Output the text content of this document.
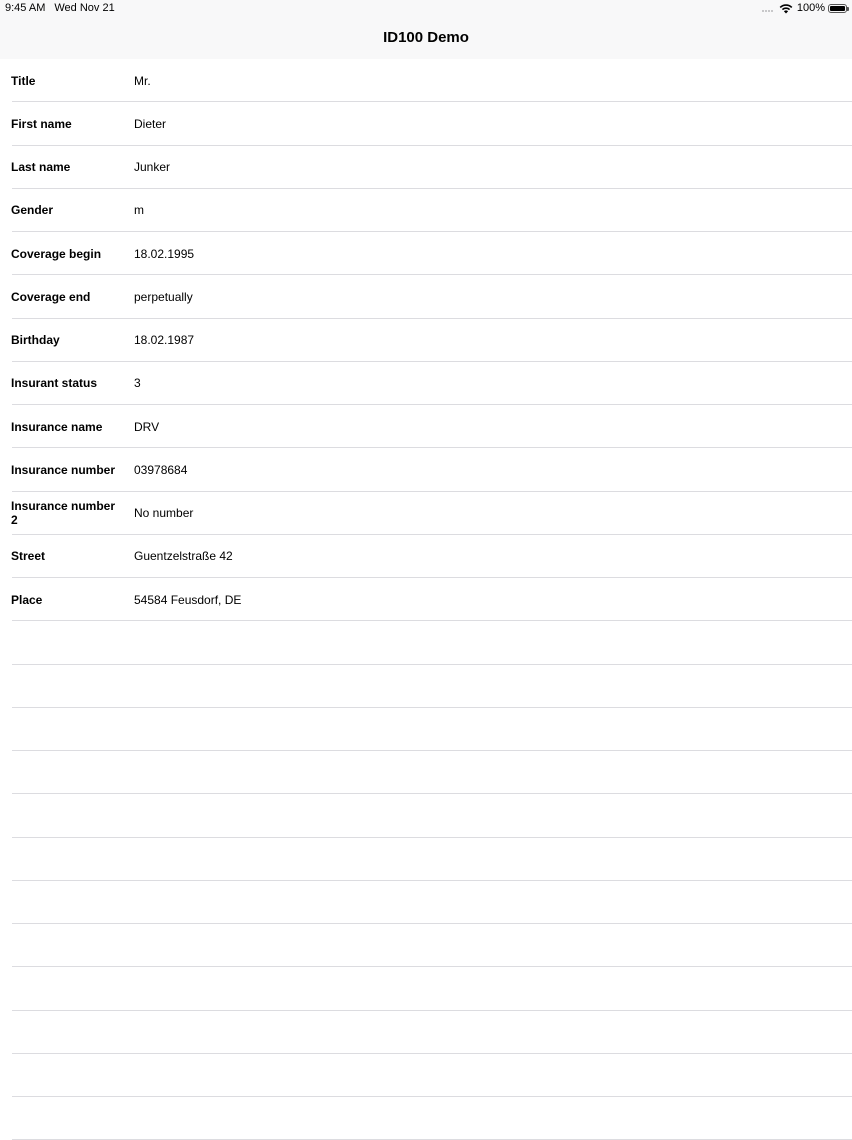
9:45 AM Wed Nov 21	100%
ID100 Demo
Title	Mr.
First name	Dieter
Last name	Junker
Gender	m
Coverage begin	18.02.1995
Coverage end	perpetually
Birthday	18.02.1987
Insurant status	3
Insurance name	DRV
Insurance number	03978684
Insurance number 2	No number
Street	Guentzelstraße 42
Place	54584 Feusdorf, DE
